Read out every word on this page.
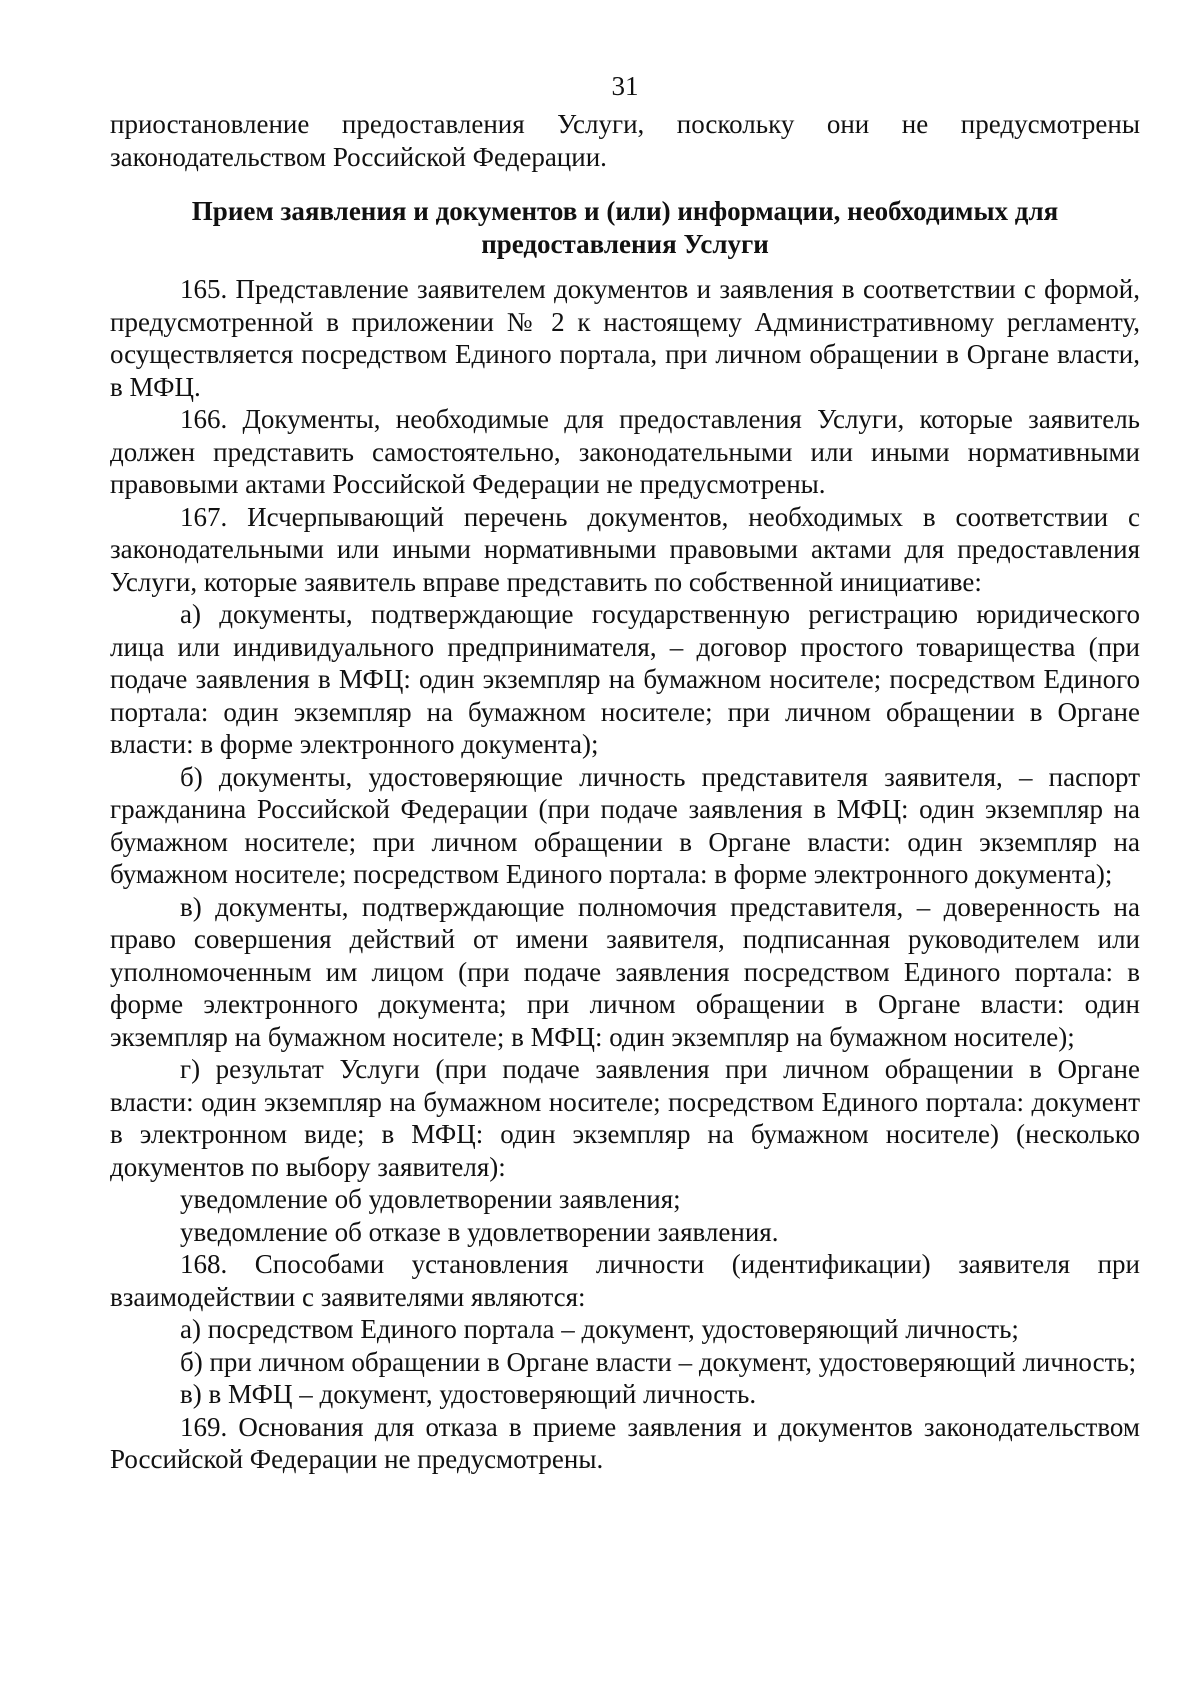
31

приостановление предоставления Услуги, поскольку они не предусмотрены законодательством Российской Федерации.

Прием заявления и документов и (или) информации, необходимых для предоставления Услуги

165. Представление заявителем документов и заявления в соответствии с формой, предусмотренной в приложении № 2 к настоящему Административному регламенту, осуществляется посредством Единого портала, при личном обращении в Органе власти, в МФЦ.

166. Документы, необходимые для предоставления Услуги, которые заявитель должен представить самостоятельно, законодательными или иными нормативными правовыми актами Российской Федерации не предусмотрены.

167. Исчерпывающий перечень документов, необходимых в соответствии с законодательными или иными нормативными правовыми актами для предоставления Услуги, которые заявитель вправе представить по собственной инициативе:

а) документы, подтверждающие государственную регистрацию юридического лица или индивидуального предпринимателя, – договор простого товарищества (при подаче заявления в МФЦ: один экземпляр на бумажном носителе; посредством Единого портала: один экземпляр на бумажном носителе; при личном обращении в Органе власти: в форме электронного документа);

б) документы, удостоверяющие личность представителя заявителя, – паспорт гражданина Российской Федерации (при подаче заявления в МФЦ: один экземпляр на бумажном носителе; при личном обращении в Органе власти: один экземпляр на бумажном носителе; посредством Единого портала: в форме электронного документа);

в) документы, подтверждающие полномочия представителя, – доверенность на право совершения действий от имени заявителя, подписанная руководителем или уполномоченным им лицом (при подаче заявления посредством Единого портала: в форме электронного документа; при личном обращении в Органе власти: один экземпляр на бумажном носителе; в МФЦ: один экземпляр на бумажном носителе);

г) результат Услуги (при подаче заявления при личном обращении в Органе власти: один экземпляр на бумажном носителе; посредством Единого портала: документ в электронном виде; в МФЦ: один экземпляр на бумажном носителе) (несколько документов по выбору заявителя):

уведомление об удовлетворении заявления;

уведомление об отказе в удовлетворении заявления.

168. Способами установления личности (идентификации) заявителя при взаимодействии с заявителями являются:

а) посредством Единого портала – документ, удостоверяющий личность;

б) при личном обращении в Органе власти – документ, удостоверяющий личность;

в) в МФЦ – документ, удостоверяющий личность.

169. Основания для отказа в приеме заявления и документов законодательством Российской Федерации не предусмотрены.
